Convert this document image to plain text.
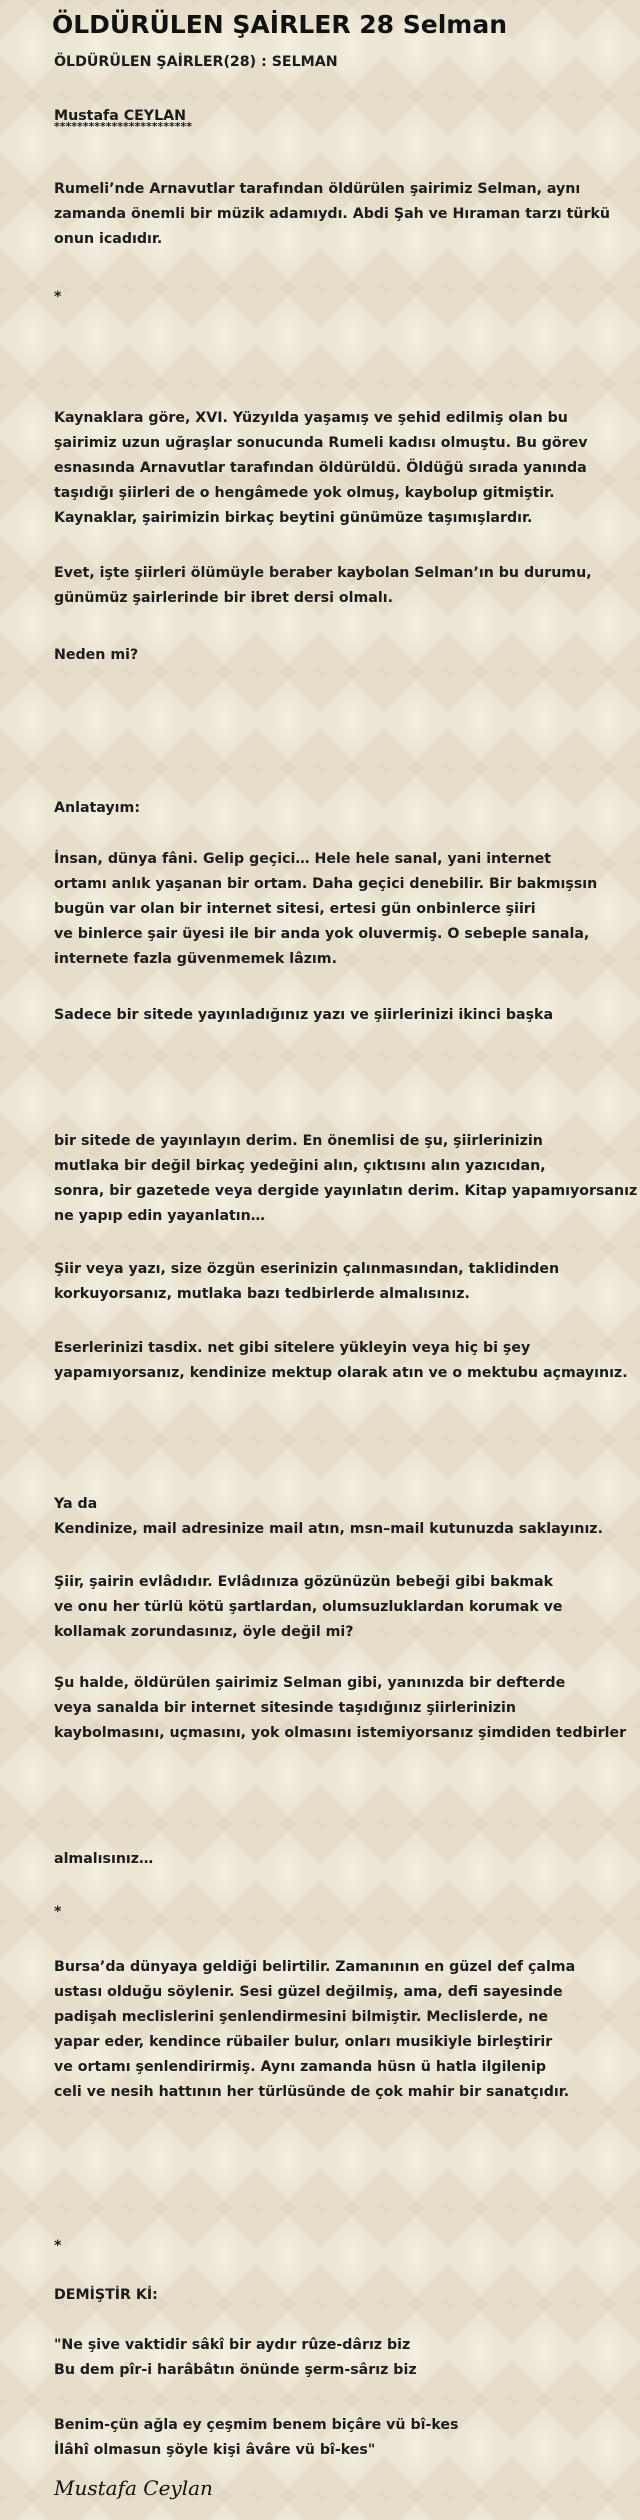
ÖLDÜRÜLEN ŞAİRLER 28 Selman
ÖLDÜRÜLEN ŞAİRLER(28) : SELMAN
Mustafa CEYLAN
************************
Rumeli’nde Arnavutlar tarafından öldürülen şairimiz Selman, aynı
zamanda önemli bir müzik adamıydı. Abdi Şah ve Hıraman tarzı türkü
onun icadıdır.
*
Kaynaklara göre, XVI. Yüzyılda yaşamış ve şehid edilmiş olan bu
şairimiz uzun uğraşlar sonucunda Rumeli kadısı olmuştu. Bu görev
esnasında Arnavutlar tarafından öldürüldü. Öldüğü sırada yanında
taşıdığı şiirleri de o hengâmede yok olmuş, kaybolup gitmiştir.
Kaynaklar, şairimizin birkaç beytini günümüze taşımışlardır.
Evet, işte şiirleri ölümüyle beraber kaybolan Selman’ın bu durumu,
günümüz şairlerinde bir ibret dersi olmalı.
Neden mi?
Anlatayım:
İnsan, dünya fâni. Gelip geçici… Hele hele sanal, yani internet
ortamı anlık yaşanan bir ortam. Daha geçici denebilir. Bir bakmışsın
bugün var olan bir internet sitesi, ertesi gün onbinlerce şiiri
ve binlerce şair üyesi ile bir anda yok oluvermiş. O sebeple sanala,
internete fazla güvenmemek lâzım.
Sadece bir sitede yayınladığınız yazı ve şiirlerinizi ikinci başka
bir sitede de yayınlayın derim. En önemlisi de şu, şiirlerinizin
mutlaka bir değil birkaç yedeğini alın, çıktısını alın yazıcıdan,
sonra, bir gazetede veya dergide yayınlatın derim. Kitap yapamıyorsanız
ne yapıp edin yayanlatın…
Şiir veya yazı, size özgün eserinizin çalınmasından, taklidinden
korkuyorsanız, mutlaka bazı tedbirlerde almalısınız.
Eserlerinizi tasdix. net gibi sitelere yükleyin veya hiç bi şey
yapamıyorsanız, kendinize mektup olarak atın ve o mektubu açmayınız.
Ya da
Kendinize, mail adresinize mail atın, msn–mail kutunuzda saklayınız.
Şiir, şairin evlâdıdır. Evlâdınıza gözünüzün bebeği gibi bakmak
ve onu her türlü kötü şartlardan, olumsuzluklardan korumak ve
kollamak zorundasınız, öyle değil mi?
Şu halde, öldürülen şairimiz Selman gibi, yanınızda bir defterde
veya sanalda bir internet sitesinde taşıdığınız şiirlerinizin
kaybolmasını, uçmasını, yok olmasını istemiyorsanız şimdiden tedbirler
almalısınız…
*
Bursa’da dünyaya geldiği belirtilir. Zamanının en güzel def çalma
ustası olduğu söylenir. Sesi güzel değilmiş, ama, defi sayesinde
padişah meclislerini şenlendirmesini bilmiştir. Meclislerde, ne
yapar eder, kendince rübailer bulur, onları musikiyle birleştirir
ve ortamı şenlendirirmiş. Aynı zamanda hüsn ü hatla ilgilenip
celi ve nesih hattının her türlüsünde de çok mahir bir sanatçıdır.
*
DEMİŞTİR Kİ:
"Ne şive vaktidir sâkî bir aydır rûze-dârız biz
Bu dem pîr-i harâbâtın önünde şerm-sârız biz
Benim-çün ağla ey çeşmim benem biçâre vü bî-kes
İlâhî olmasun şöyle kişi âvâre vü bî-kes"
Mustafa Ceylan
